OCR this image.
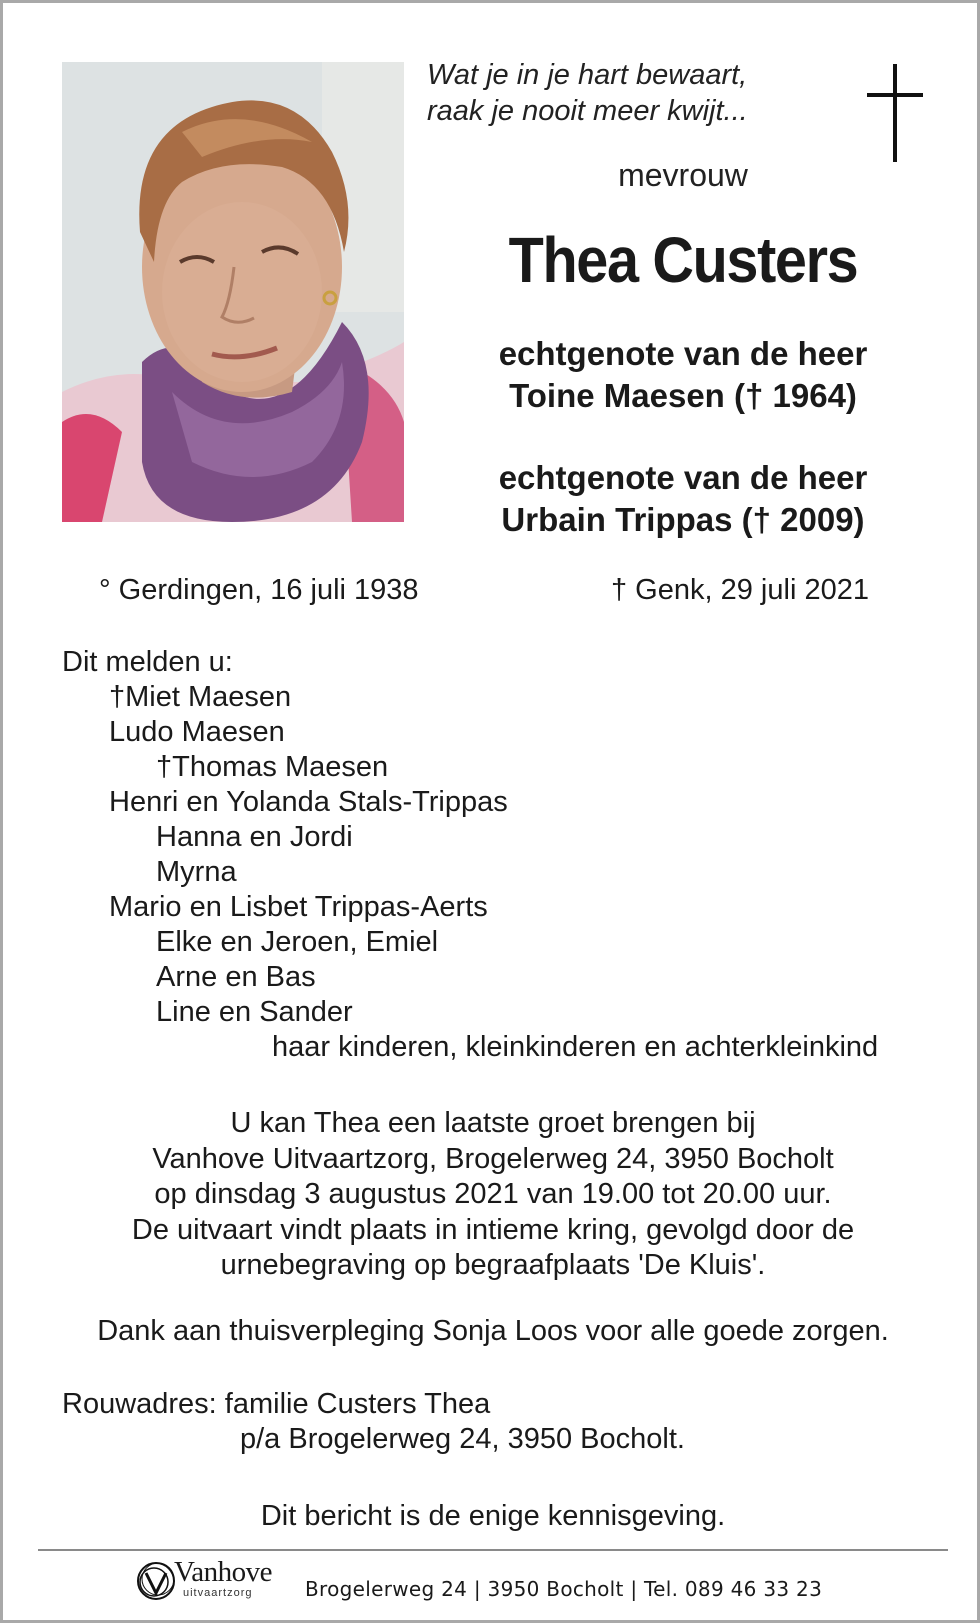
Wat je in je hart bewaart,
raak je nooit meer kwijt...
mevrouw
Thea Custers
echtgenote van de heer
Toine Maesen († 1964)
echtgenote van de heer
Urbain Trippas († 2009)
° Gerdingen, 16 juli 1938	† Genk, 29 juli 2021
Dit melden u:
†Miet Maesen
Ludo Maesen
†Thomas Maesen
Henri en Yolanda Stals-Trippas
Hanna en Jordi
Myrna
Mario en Lisbet Trippas-Aerts
Elke en Jeroen, Emiel
Arne en Bas
Line en Sander
haar kinderen, kleinkinderen en achterkleinkind
U kan Thea een laatste groet brengen bij
Vanhove Uitvaartzorg, Brogelerweg 24, 3950 Bocholt
op dinsdag 3 augustus 2021 van 19.00 tot 20.00 uur.
De uitvaart vindt plaats in intieme kring, gevolgd door de
urnebegraving op begraafplaats 'De Kluis'.
Dank aan thuisverpleging Sonja Loos voor alle goede zorgen.
Rouwadres: familie Custers Thea
p/a Brogelerweg 24, 3950 Bocholt.
Dit bericht is de enige kennisgeving.
Vanhove
uitvaartzorg	Brogelerweg 24 | 3950 Bocholt | Tel. 089 46 33 23
